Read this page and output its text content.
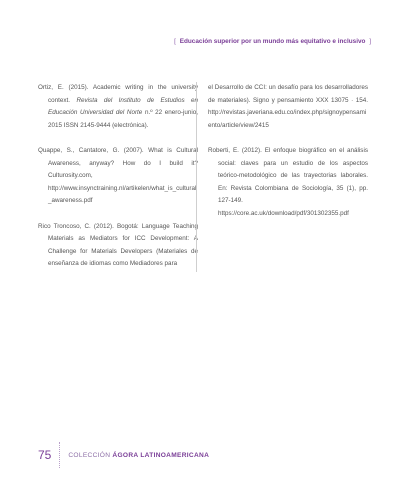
[ Educación superior por un mundo más equitativo e inclusivo ]

Ortiz, E. (2015). Academic writing in the university context. Revista del Instituto de Estudios en Educación Universidad del Norte n.º 22 enero-junio, 2015 ISSN 2145-9444 (electrónica).

Quappe, S., Cantatore, G. (2007). What is Cultural Awareness, anyway? How do I build it? Culturosity.com, http://www.insynctraining.nl/artikelen/what_is_cultural_awareness.pdf

Rico Troncoso, C. (2012). Bogotá: Language Teaching Materials as Mediators for ICC Development: A Challenge for Materials Developers (Materiales de enseñanza de idiomas como Mediadores para

el Desarrollo de CCI: un desafío para los desarrolladores de materiales). Signo y pensamiento XXX 13075 · 154. http://revistas.javeriana.edu.co/index.php/signoypensamiento/article/view/2415

Roberti, E. (2012). El enfoque biográfico en el análisis social: claves para un estudio de los aspectos teórico-metodológico de las trayectorias laborales. En: Revista Colombiana de Sociología, 35 (1), pp. 127-149. https://core.ac.uk/download/pdf/301302355.pdf

75	COLECCIÓN ÁGORA LATINOAMERICANA
